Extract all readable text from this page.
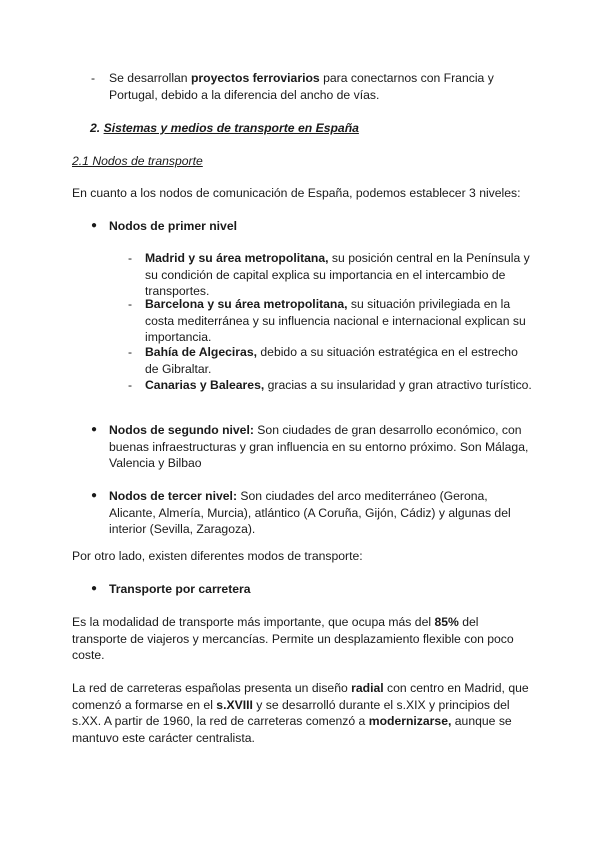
- Se desarrollan proyectos ferroviarios para conectarnos con Francia y Portugal, debido a la diferencia del ancho de vías.

2. Sistemas y medios de transporte en España

2.1 Nodos de transporte

En cuanto a los nodos de comunicación de España, podemos establecer 3 niveles:

● Nodos de primer nivel

- Madrid y su área metropolitana, su posición central en la Península y su condición de capital explica su importancia en el intercambio de transportes.

- Barcelona y su área metropolitana, su situación privilegiada en la costa mediterránea y su influencia nacional e internacional explican su importancia.

- Bahía de Algeciras, debido a su situación estratégica en el estrecho de Gibraltar.

- Canarias y Baleares, gracias a su insularidad y gran atractivo turístico.

● Nodos de segundo nivel: Son ciudades de gran desarrollo económico, con buenas infraestructuras y gran influencia en su entorno próximo. Son Málaga, Valencia y Bilbao

● Nodos de tercer nivel: Son ciudades del arco mediterráneo (Gerona, Alicante, Almería, Murcia), atlántico (A Coruña, Gijón, Cádiz) y algunas del interior (Sevilla, Zaragoza).

Por otro lado, existen diferentes modos de transporte:

● Transporte por carretera

Es la modalidad de transporte más importante, que ocupa más del 85% del transporte de viajeros y mercancías. Permite un desplazamiento flexible con poco coste.

La red de carreteras españolas presenta un diseño radial con centro en Madrid, que comenzó a formarse en el s.XVIII y se desarrolló durante el s.XIX y principios del s.XX. A partir de 1960, la red de carreteras comenzó a modernizarse, aunque se mantuvo este carácter centralista.
